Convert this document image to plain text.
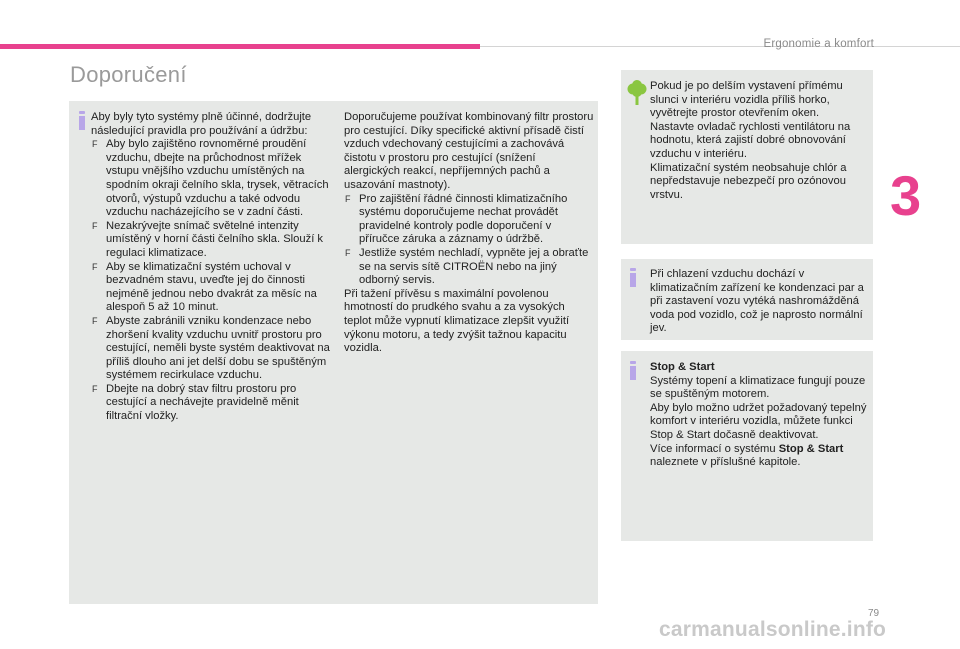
Ergonomie a komfort
3
Doporučení

Aby byly tyto systémy plně účinné, dodržujte následující pravidla pro používání a údržbu:

F Aby bylo zajištěno rovnoměrné proudění vzduchu, dbejte na průchodnost mřížek vstupu vnějšího vzduchu umístěných na spodním okraji čelního skla, trysek, větracích otvorů, výstupů vzduchu a také odvodu vzduchu nacházejícího se v zadní části.
F Nezakrývejte snímač světelné intenzity umístěný v horní části čelního skla. Slouží k regulaci klimatizace.
F Aby se klimatizační systém uchoval v bezvadném stavu, uveďte jej do činnosti nejméně jednou nebo dvakrát za měsíc na alespoň 5 až 10 minut.
F Abyste zabránili vzniku kondenzace nebo zhoršení kvality vzduchu uvnitř prostoru pro cestující, neměli byste systém deaktivovat na příliš dlouho ani jet delší dobu se spuštěným systémem recirkulace vzduchu.
F Dbejte na dobrý stav filtru prostoru pro cestující a nechávejte pravidelně měnit filtrační vložky.

Doporučujeme používat kombinovaný filtr prostoru pro cestující. Díky specifické aktivní přísadě čistí vzduch vdechovaný cestujícími a zachovává čistotu v prostoru pro cestující (snížení alergických reakcí, nepříjemných pachů a usazování mastnoty).

F Pro zajištění řádné činnosti klimatizačního systému doporučujeme nechat provádět pravidelné kontroly podle doporučení v příručce záruka a záznamy o údržbě.
F Jestliže systém nechladí, vypněte jej a obraťte se na servis sítě CITROËN nebo na jiný odborný servis.

Při tažení přívěsu s maximální povolenou hmotností do prudkého svahu a za vysokých teplot může vypnutí klimatizace zlepšit využití výkonu motoru, a tedy zvýšit tažnou kapacitu vozidla.

Pokud je po delším vystavení přímému slunci v interiéru vozidla příliš horko, vyvětrejte prostor otevřením oken.

Nastavte ovladač rychlosti ventilátoru na hodnotu, která zajistí dobré obnovování vzduchu v interiéru.

Klimatizační systém neobsahuje chlór a nepředstavuje nebezpečí pro ozónovou vrstvu.

Při chlazení vzduchu dochází v klimatizačním zařízení ke kondenzaci par a při zastavení vozu vytéká nashromážděná voda pod vozidlo, což je naprosto normální jev.

Stop & Start

Systémy topení a klimatizace fungují pouze se spuštěným motorem.

Aby bylo možno udržet požadovaný tepelný komfort v interiéru vozidla, můžete funkci Stop & Start dočasně deaktivovat.

Více informací o systému Stop & Start naleznete v příslušné kapitole.

79
carmanualsonline.info
